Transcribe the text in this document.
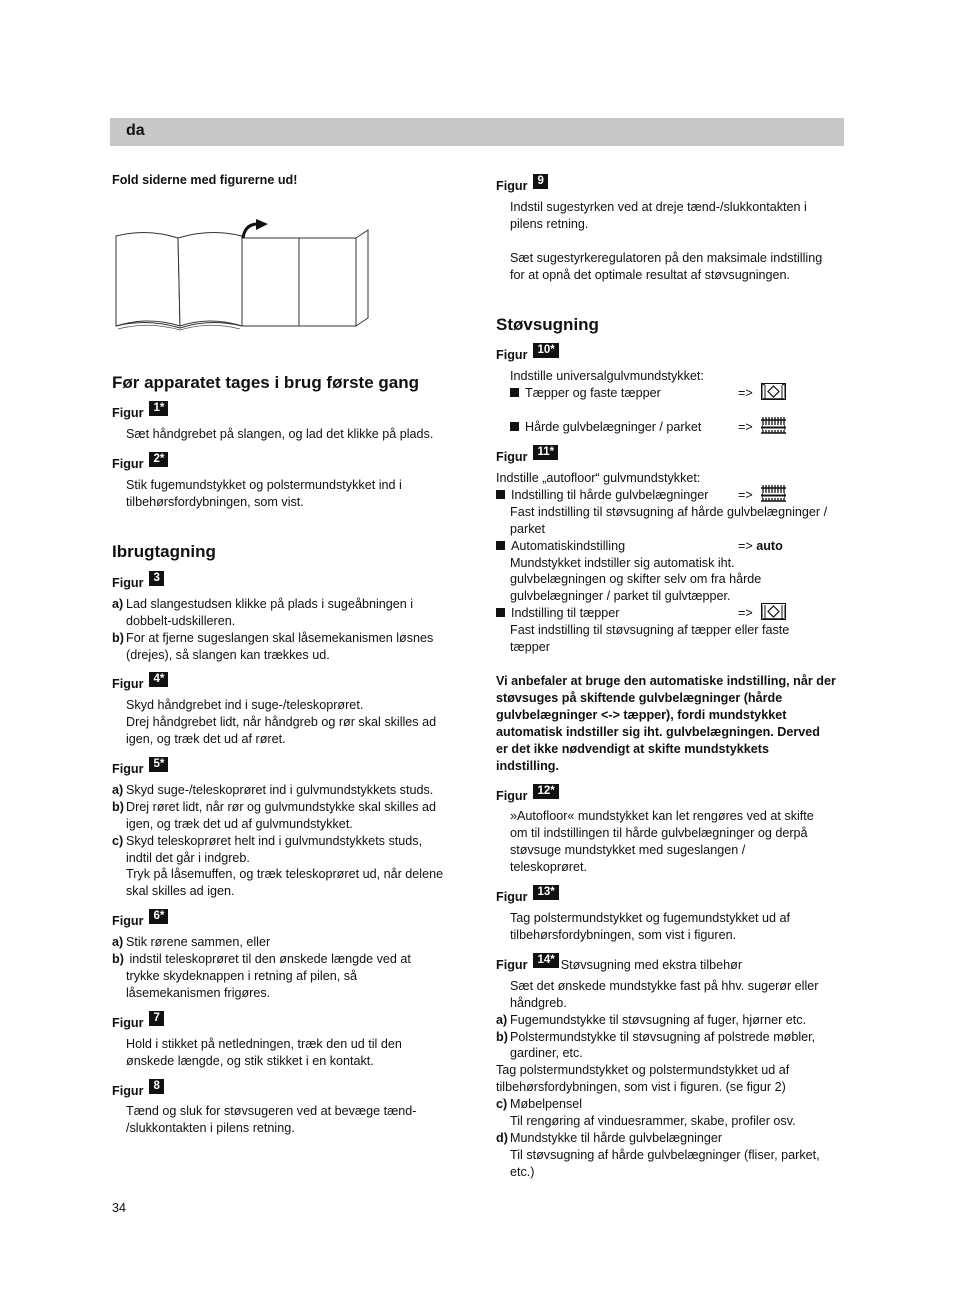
da
Fold siderne med figurerne ud!
Før apparatet tages i brug første gang
Figur 1*
Sæt håndgrebet på slangen, og lad det klikke på plads.
Figur 2*
Stik fugemundstykket og polstermundstykket ind i
tilbehørsfordybningen, som vist.
Ibrugtagning
Figur 3
a) Lad slangestudsen klikke på plads i sugeåbningen i
dobbelt-udskilleren.
b) For at fjerne sugeslangen skal låsemekanismen løsnes
(drejes), så slangen kan trækkes ud.
Figur 4*
Skyd håndgrebet ind i suge-/teleskoprøret.
Drej håndgrebet lidt, når håndgreb og rør skal skilles ad
igen, og træk det ud af røret.
Figur 5*
a) Skyd suge-/teleskoprøret ind i gulvmundstykkets studs.
b) Drej røret lidt, når rør og gulvmundstykke skal skilles ad
igen, og træk det ud af gulvmundstykket.
c) Skyd teleskoprøret helt ind i gulvmundstykkets studs,
indtil det går i indgreb.
Tryk på låsemuffen, og træk teleskoprøret ud, når delene
skal skilles ad igen.
Figur 6*
a) Stik rørene sammen, eller
b) indstil teleskoprøret til den ønskede længde ved at
trykke skydeknappen i retning af pilen, så
låsemekanismen frigøres.
Figur 7
Hold i stikket på netledningen, træk den ud til den
ønskede længde, og stik stikket i en kontakt.
Figur 8
Tænd og sluk for støvsugeren ved at bevæge tænd-
/slukkontakten i pilens retning.
34
Figur 9
Indstil sugestyrken ved at dreje tænd-/slukkontakten i
pilens retning.
Sæt sugestyrkeregulatoren på den maksimale indstilling
for at opnå det optimale resultat af støvsugningen.
Støvsugning
Figur 10*
Indstille universalgulvmundstykket:
Tæpper og faste tæpper	=>
Hårde gulvbelægninger / parket	=>
Figur 11*
Indstille „autofloor“ gulvmundstykket:
Indstilling til hårde gulvbelægninger =>
Fast indstilling til støvsugning af hårde gulvbelægninger /
parket
Automatiskindstilling	=> auto
Mundstykket indstiller sig automatisk iht.
gulvbelægningen og skifter selv om fra hårde
gulvbelægninger / parket til gulvtæpper.
Indstilling til tæpper	=>
Fast indstilling til støvsugning af tæpper eller faste
tæpper
Vi anbefaler at bruge den automatiske indstilling, når der
støvsuges på skiftende gulvbelægninger (hårde
gulvbelægninger <-> tæpper), fordi mundstykket
automatisk indstiller sig iht. gulvbelægningen. Derved
er det ikke nødvendigt at skifte mundstykkets
indstilling.
Figur 12*
»Autofloor« mundstykket kan let rengøres ved at skifte
om til indstillingen til hårde gulvbelægninger og derpå
støvsuge mundstykket med sugeslangen /
teleskoprøret.
Figur 13*
Tag polstermundstykket og fugemundstykket ud af
tilbehørsfordybningen, som vist i figuren.
Figur 14* Støvsugning med ekstra tilbehør
Sæt det ønskede mundstykke fast på hhv. sugerør eller
håndgreb.
a) Fugemundstykke til støvsugning af fuger, hjørner etc.
b) Polstermundstykke til støvsugning af polstrede møbler,
gardiner, etc.
Tag polstermundstykket og polstermundstykket ud af
tilbehørsfordybningen, som vist i figuren. (se figur 2)
c) Møbelpensel
Til rengøring af vinduesrammer, skabe, profiler osv.
d) Mundstykke til hårde gulvbelægninger
Til støvsugning af hårde gulvbelægninger (fliser, parket,
etc.)
